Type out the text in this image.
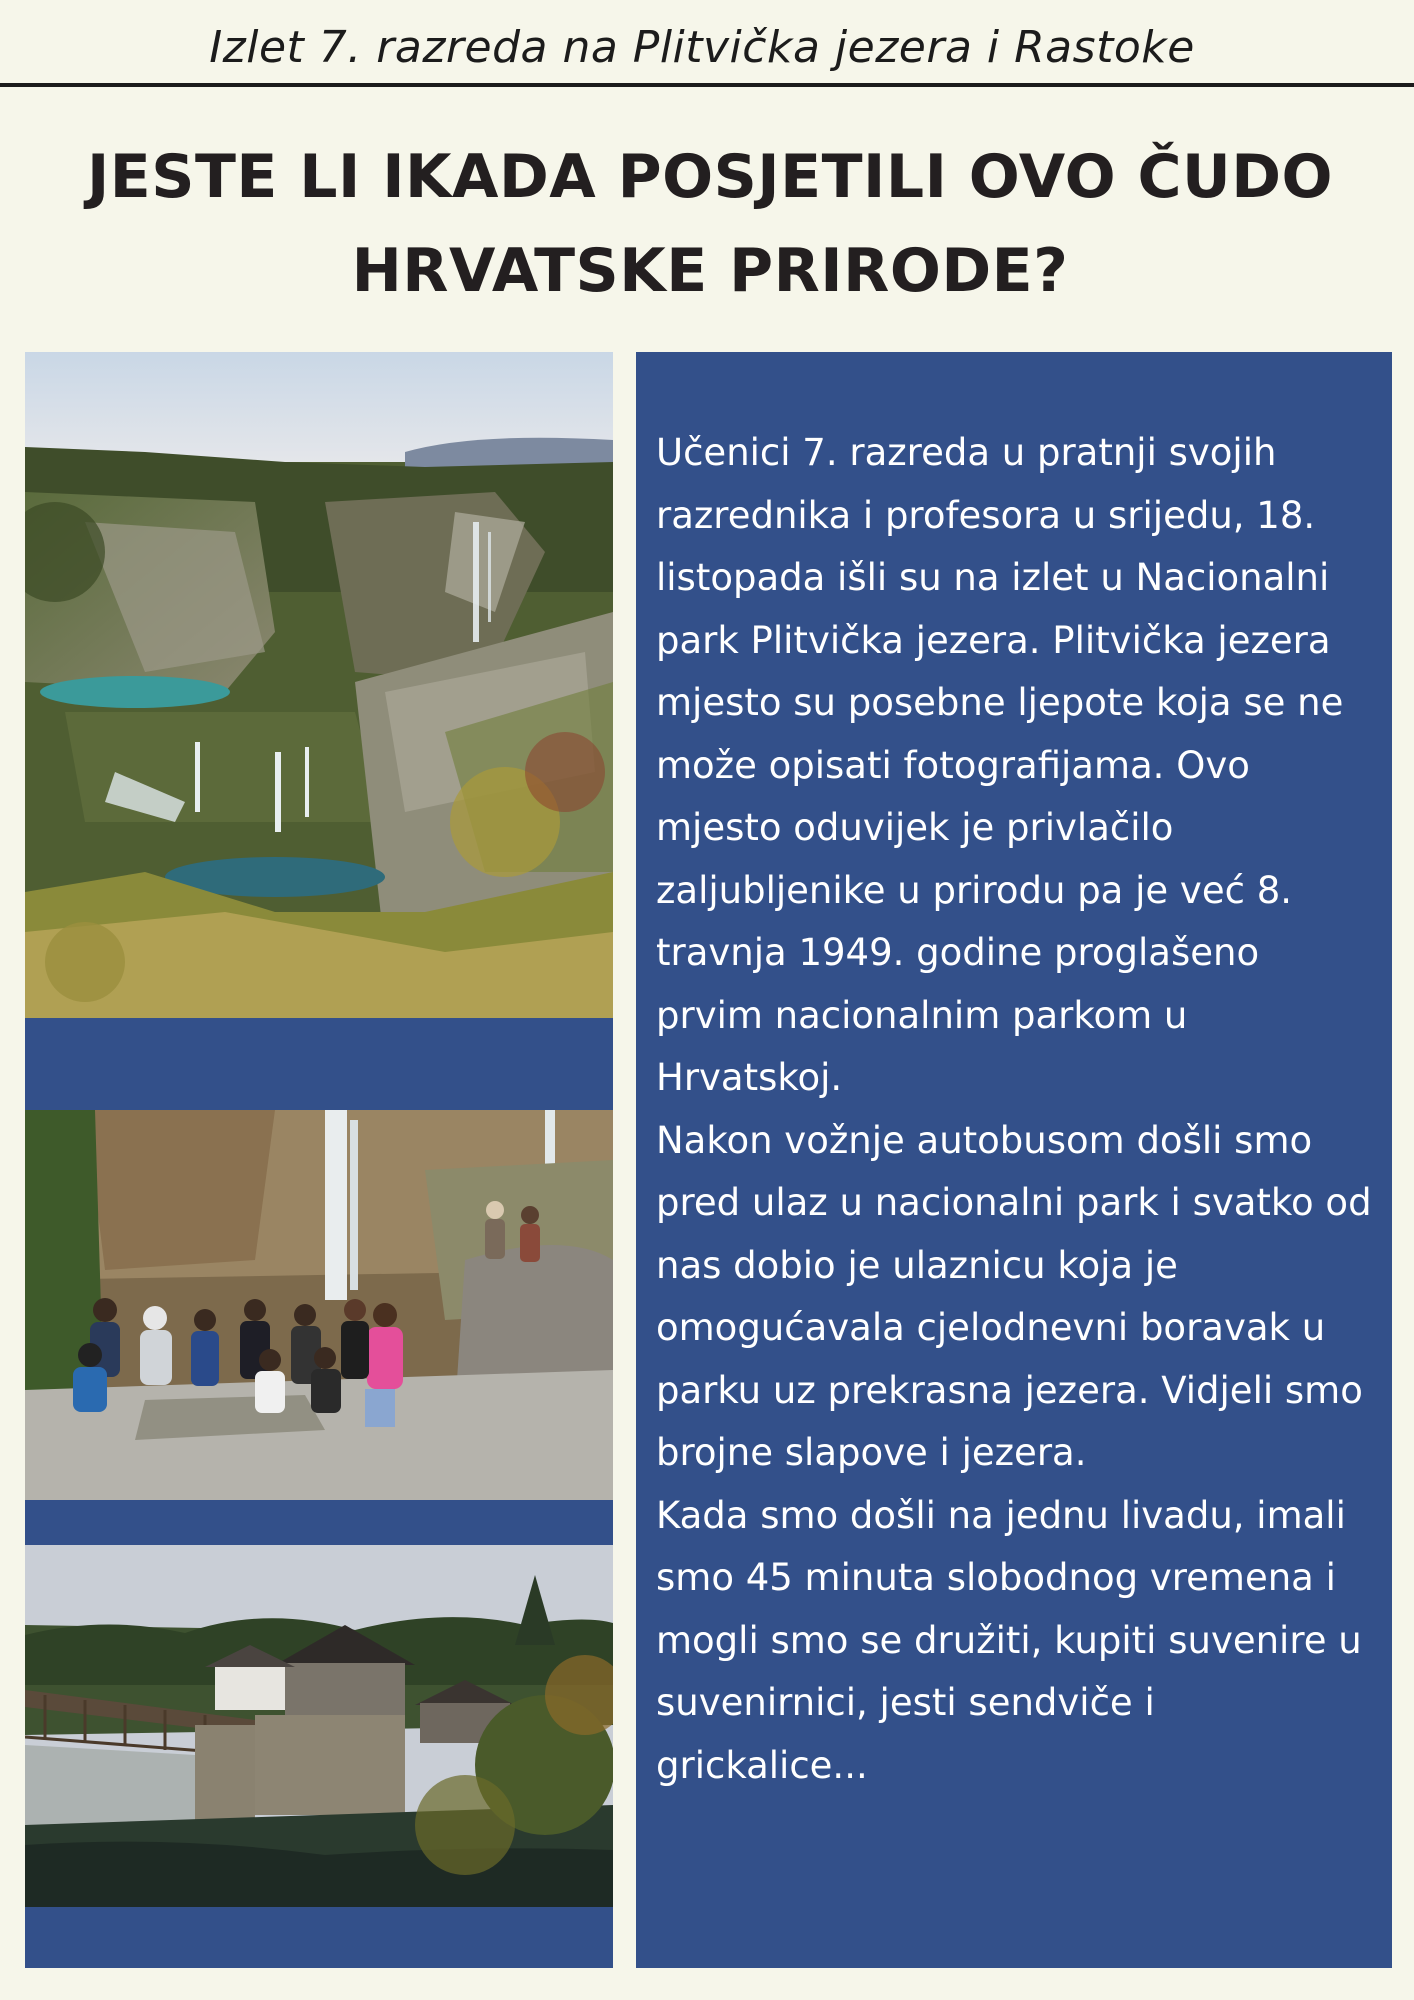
Izlet 7. razreda na Plitvička jezera i Rastoke
JESTE LI IKADA POSJETILI OVO ČUDO
HRVATSKE PRIRODE?

Učenici 7. razreda u pratnji svojih razrednika i profesora u srijedu, 18. listopada išli su na izlet u Nacionalni park Plitvička jezera. Plitvička jezera mjesto su posebne ljepote koja se ne može opisati fotografijama. Ovo mjesto oduvijek je privlačilo zaljubljenike u prirodu pa je već 8. travnja 1949. godine proglašeno prvim nacionalnim parkom u Hrvatskoj.

Nakon vožnje autobusom došli smo pred ulaz u nacionalni park i svatko od nas dobio je ulaznicu koja je omogućavala cjelodnevni boravak u parku uz prekrasna jezera. Vidjeli smo brojne slapove i jezera.

Kada smo došli na jednu livadu, imali smo 45 minuta slobodnog vremena i mogli smo se družiti, kupiti suvenire u suvenirnici, jesti sendviče i grickalice...
